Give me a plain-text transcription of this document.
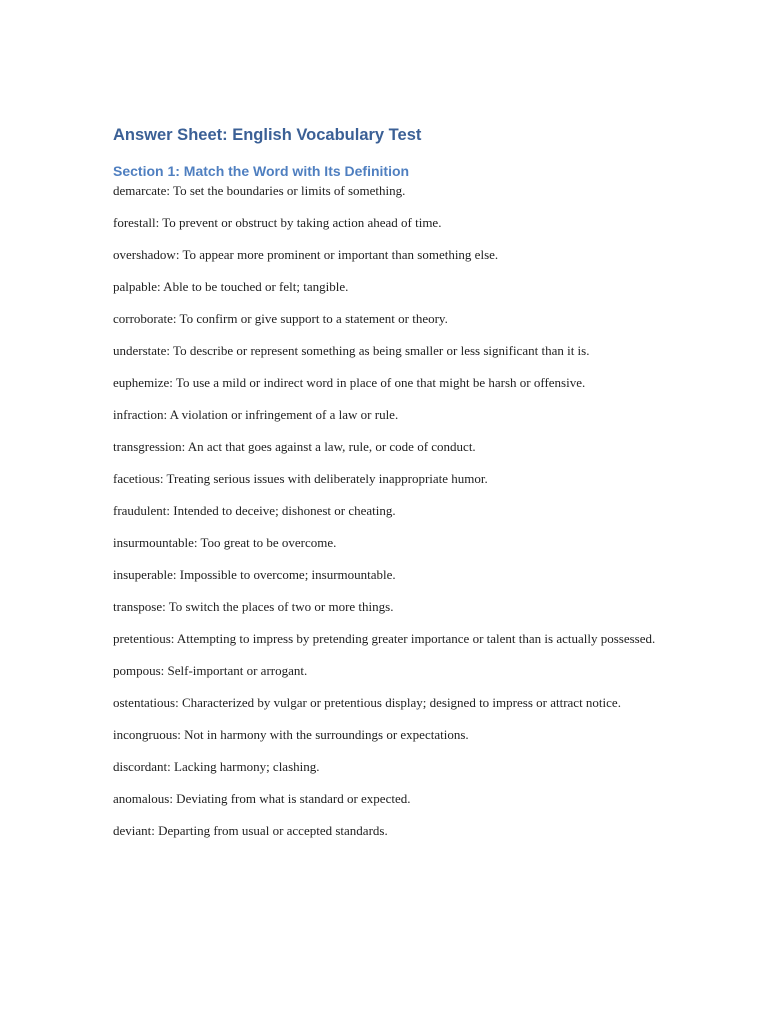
Answer Sheet: English Vocabulary Test
Section 1: Match the Word with Its Definition
demarcate: To set the boundaries or limits of something.
forestall: To prevent or obstruct by taking action ahead of time.
overshadow: To appear more prominent or important than something else.
palpable: Able to be touched or felt; tangible.
corroborate: To confirm or give support to a statement or theory.
understate: To describe or represent something as being smaller or less significant than it is.
euphemize: To use a mild or indirect word in place of one that might be harsh or offensive.
infraction: A violation or infringement of a law or rule.
transgression: An act that goes against a law, rule, or code of conduct.
facetious: Treating serious issues with deliberately inappropriate humor.
fraudulent: Intended to deceive; dishonest or cheating.
insurmountable: Too great to be overcome.
insuperable: Impossible to overcome; insurmountable.
transpose: To switch the places of two or more things.
pretentious: Attempting to impress by pretending greater importance or talent than is actually possessed.
pompous: Self-important or arrogant.
ostentatious: Characterized by vulgar or pretentious display; designed to impress or attract notice.
incongruous: Not in harmony with the surroundings or expectations.
discordant: Lacking harmony; clashing.
anomalous: Deviating from what is standard or expected.
deviant: Departing from usual or accepted standards.
